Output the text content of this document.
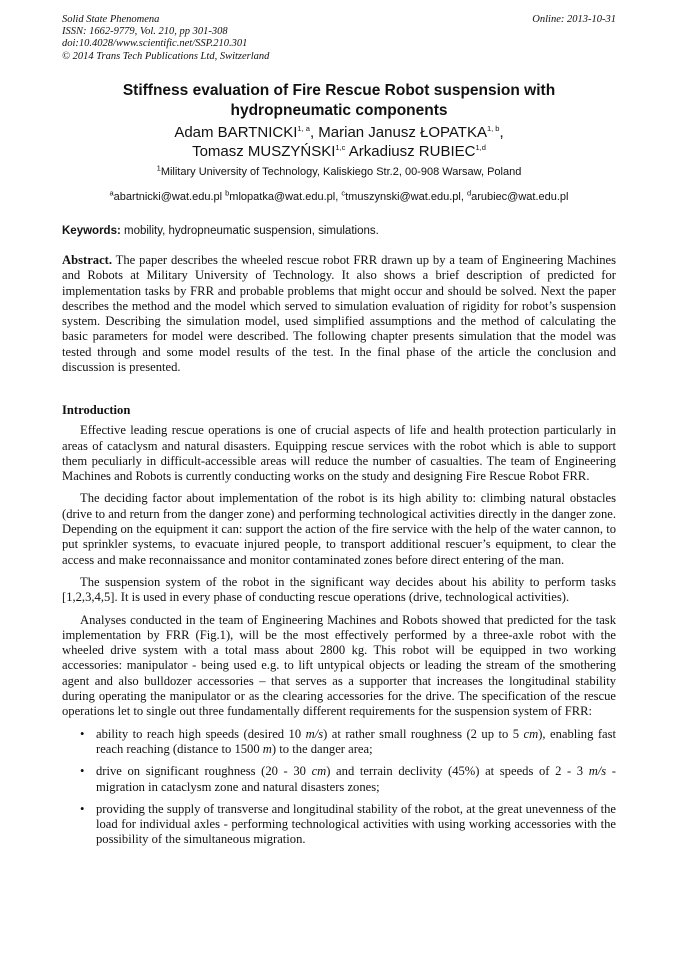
Solid State Phenomena
ISSN: 1662-9779, Vol. 210, pp 301-308
doi:10.4028/www.scientific.net/SSP.210.301
© 2014 Trans Tech Publications Ltd, Switzerland
Online: 2013-10-31
Stiffness evaluation of Fire Rescue Robot suspension with
hydropneumatic components
Adam BARTNICKI$^{1, a}$, Marian Janusz ŁOPATKA$^{1, b}$,
Tomasz MUSZYŃSKI$^{1,c}$ Arkadiusz RUBIEC$^{1,d}$
$^1$Military University of Technology, Kaliskiego Str.2, 00-908 Warsaw, Poland
$^a$abartnicki@wat.edu.pl $^b$mlopatka@wat.edu.pl, $^c$tmuszynski@wat.edu.pl, $^d$arubiec@wat.edu.pl
Keywords: mobility, hydropneumatic suspension, simulations.

Abstract. The paper describes the wheeled rescue robot FRR drawn up by a team of Engineering Machines and Robots at Military University of Technology. It also shows a brief description of predicted for implementation tasks by FRR and probable problems that might occur and should be solved. Next the paper describes the method and the model which served to simulation evaluation of rigidity for robot’s suspension system. Describing the simulation model, used simplified assumptions and the method of calculating the basic parameters for model were described. The following chapter presents simulation that the model was tested through and some model results of the test. In the final phase of the article the conclusion and discussion is presented.

Introduction

Effective leading rescue operations is one of crucial aspects of life and health protection particularly in areas of cataclysm and natural disasters. Equipping rescue services with the robot which is able to support them peculiarly in difficult-accessible areas will reduce the number of casualties. The team of Engineering Machines and Robots is currently conducting works on the study and designing Fire Rescue Robot FRR.

The deciding factor about implementation of the robot is its high ability to: climbing natural obstacles (drive to and return from the danger zone) and performing technological activities directly in the danger zone. Depending on the equipment it can: support the action of the fire service with the help of the water cannon, to put sprinkler systems, to evacuate injured people, to transport additional rescuer’s equipment, to clear the access and make reconnaissance and monitor contaminated zones before direct entering of the man.

The suspension system of the robot in the significant way decides about his ability to perform tasks [1,2,3,4,5]. It is used in every phase of conducting rescue operations (drive, technological activities).

Analyses conducted in the team of Engineering Machines and Robots showed that predicted for the task implementation by FRR (Fig.1), will be the most effectively performed by a three-axle robot with the wheeled drive system with a total mass about 2800 kg. This robot will be equipped in two working accessories: manipulator - being used e.g. to lift untypical objects or leading the stream of the smothering agent and also bulldozer accessories – that serves as a supporter that increases the longitudinal stability during operating the manipulator or as the clearing accessories for the drive. The specification of the rescue operations let to single out three fundamentally different requirements for the suspension system of FRR:

• ability to reach high speeds (desired 10 m/s) at rather small roughness (2 up to 5 cm), enabling fast reach reaching (distance to 1500 m) to the danger area;
• drive on significant roughness (20 - 30 cm) and terrain declivity (45%) at speeds of 2 - 3 m/s - migration in cataclysm zone and natural disasters zones;
• providing the supply of transverse and longitudinal stability of the robot, at the great unevenness of the load for individual axles - performing technological activities with using working accessories with the possibility of the simultaneous migration.
